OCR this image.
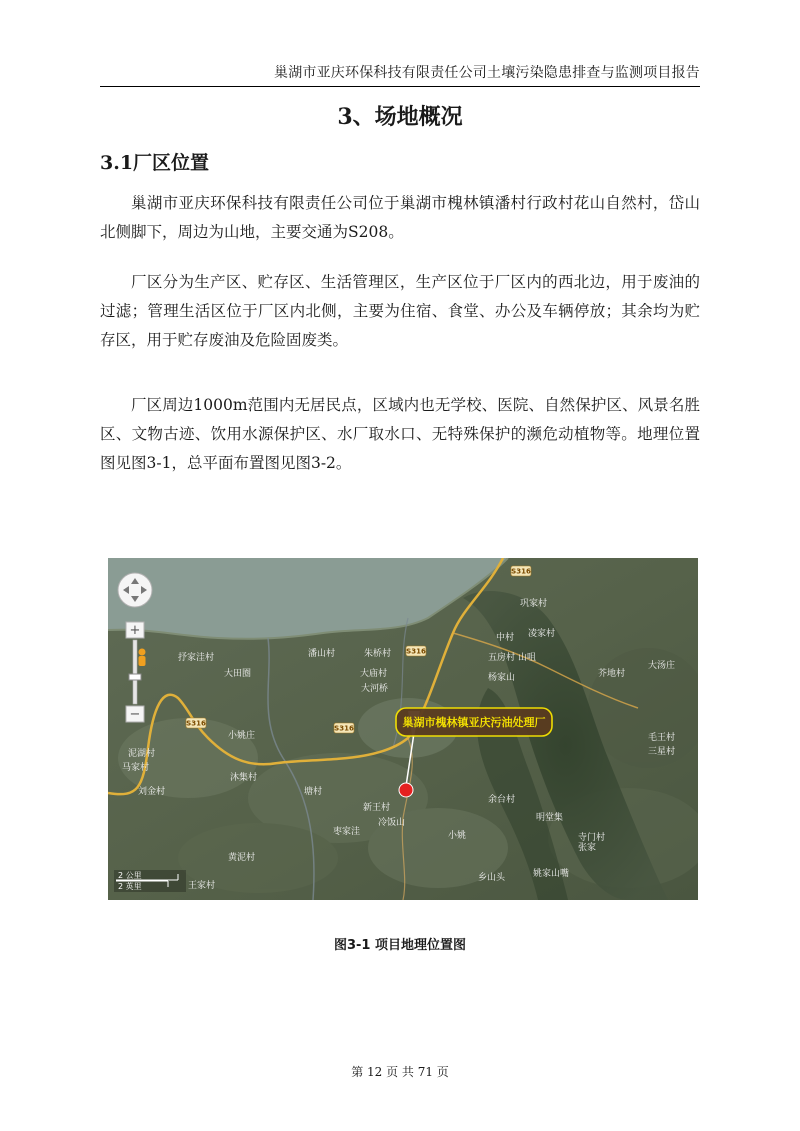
巢湖市亚庆环保科技有限责任公司土壤污染隐患排查与监测项目报告
3、场地概况
3.1厂区位置

巢湖市亚庆环保科技有限责任公司位于巢湖市槐林镇潘村行政村花山自然村，岱山北侧脚下，周边为山地，主要交通为S208。

厂区分为生产区、贮存区、生活管理区，生产区位于厂区内的西北边，用于废油的过滤；管理生活区位于厂区内北侧，主要为住宿、食堂、办公及车辆停放；其余均为贮存区，用于贮存废油及危险固废类。

厂区周边1000m范围内无居民点，区域内也无学校、医院、自然保护区、风景名胜区、文物古迹、饮用水源保护区、水厂取水口、无特殊保护的濒危动植物等。地理位置图见图3-1，总平面布置图见图3-2。

S316
S316
S316
S316
抒家洼村	潘山村	朱桥村
大庙村
大田圈
巩家村
大河桥
中村 凌家村
五房村 山咀
杨家山
大汤庄
芥地村
小姚庄
沐集村
塘村
刘金村
新王村
冷饭山
小姚
黄泥村
明堂集
张家
寺门村
姚家山嘴
余台村
枣家洼
毛王村
三星村
泥湖村
马家村
王家村
乡山头
+
−
巢湖市槐林镇亚庆污油处理厂
2 公里
2 英里
图3-1 项目地理位置图
第 12 页 共 71 页
